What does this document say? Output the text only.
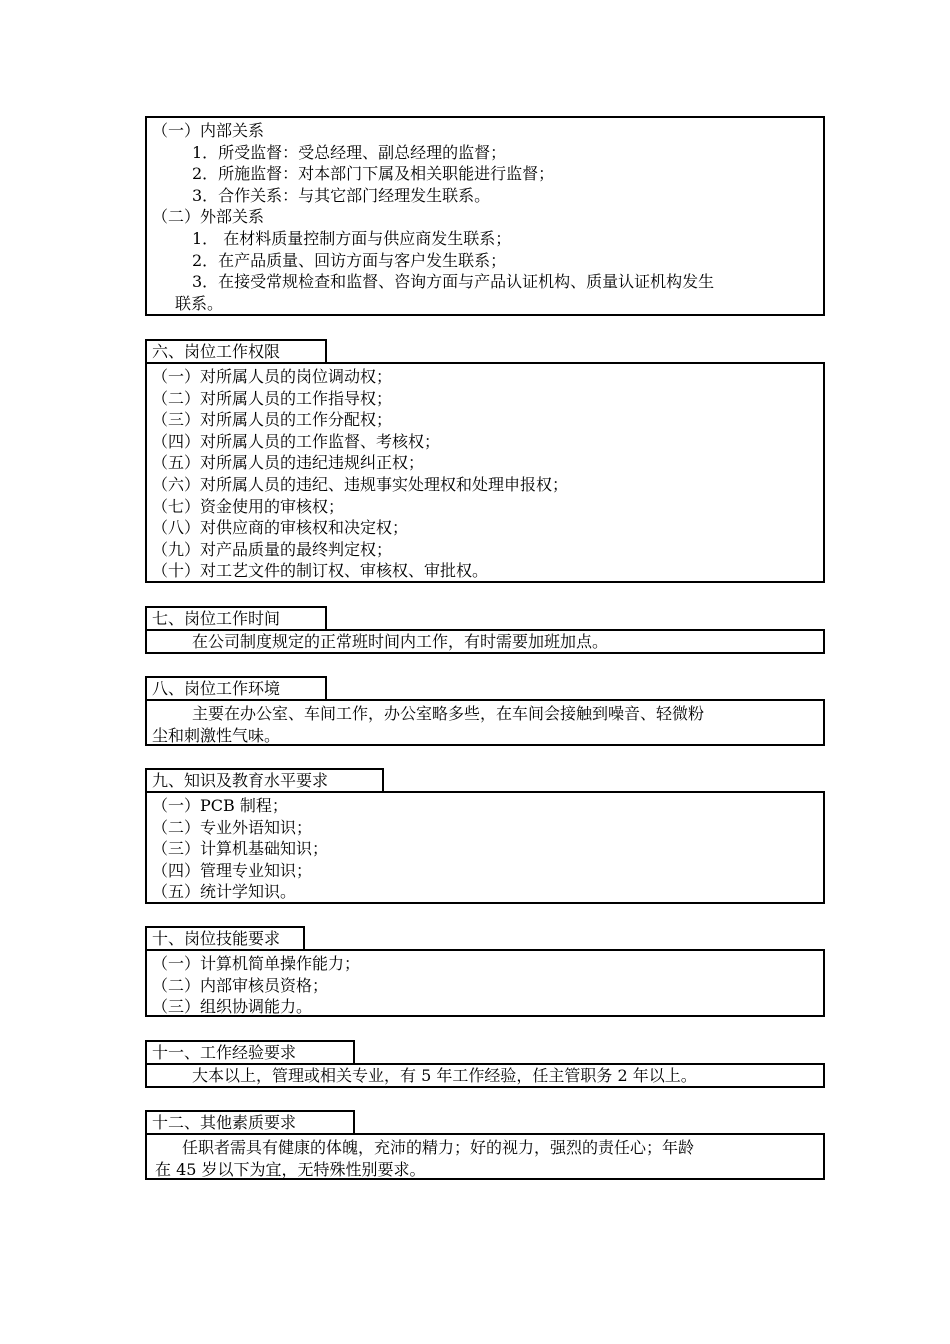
（一）内部关系
1．所受监督：受总经理、副总经理的监督；
2．所施监督：对本部门下属及相关职能进行监督；
3．合作关系：与其它部门经理发生联系。
（二）外部关系
1． 在材料质量控制方面与供应商发生联系；
2．在产品质量、回访方面与客户发生联系；
3．在接受常规检查和监督、咨询方面与产品认证机构、质量认证机构发生
联系。
六、岗位工作权限
（一）对所属人员的岗位调动权；
（二）对所属人员的工作指导权；
（三）对所属人员的工作分配权；
（四）对所属人员的工作监督、考核权；
（五）对所属人员的违纪违规纠正权；
（六）对所属人员的违纪、违规事实处理权和处理申报权；
（七）资金使用的审核权；
（八）对供应商的审核权和决定权；
（九）对产品质量的最终判定权；
（十）对工艺文件的制订权、审核权、审批权。
七、岗位工作时间
在公司制度规定的正常班时间内工作，有时需要加班加点。
八、岗位工作环境
主要在办公室、车间工作，办公室略多些，在车间会接触到噪音、轻微粉
尘和刺激性气味。
九、知识及教育水平要求
（一）PCB 制程；
（二）专业外语知识；
（三）计算机基础知识；
（四）管理专业知识；
（五）统计学知识。
十、岗位技能要求
（一）计算机简单操作能力；
（二）内部审核员资格；
（三）组织协调能力。
十一、工作经验要求
大本以上，管理或相关专业，有 5 年工作经验，任主管职务 2 年以上。
十二、其他素质要求
任职者需具有健康的体魄，充沛的精力；好的视力，强烈的责任心；年龄
在 45 岁以下为宜，无特殊性别要求。
